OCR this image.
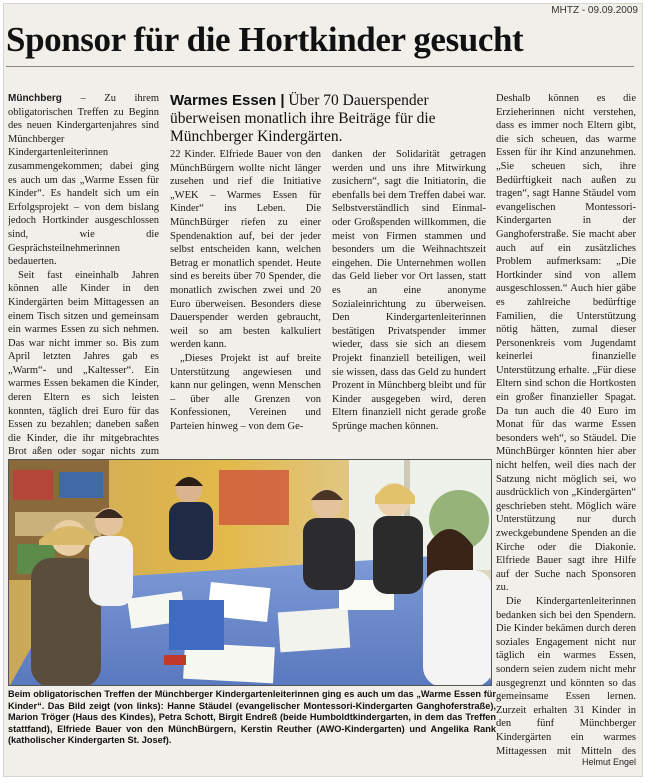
MHTZ - 09.09.2009
Sponsor für die Hortkinder gesucht

Münchberg – Zu ihrem obligatorischen Treffen zu Beginn des neuen Kindergartenjahres sind Münchberger Kindergartenleiterinnen zusammengekommen; dabei ging es auch um das „Warme Essen für Kinder“. Es handelt sich um ein Erfolgsprojekt – von dem bislang jedoch Hortkinder ausgeschlossen sind, wie die Gesprächsteilnehmerinnen bedauerten.

Seit fast eineinhalb Jahren können alle Kinder in den Kindergärten beim Mittagessen an einem Tisch sitzen und gemeinsam ein warmes Essen zu sich nehmen. Das war nicht immer so. Bis zum April letzten Jahres gab es „Warm“- und „Kaltesser“. Ein warmes Essen bekamen die Kinder, deren Eltern es sich leisten konnten, täglich drei Euro für das Essen zu bezahlen; daneben saßen die Kinder, die ihr mitgebrachtes Brot aßen oder sogar nichts zum

Warmes Essen | Über 70 Dauerspender überweisen monatlich ihre Beiträge für die Münchberger Kindergärten.

22 Kinder. Elfriede Bauer von den MünchBürgern wollte nicht länger zusehen und rief die Initiative „WEK – Warmes Essen für Kinder“ ins Leben. Die MünchBürger riefen zu einer Spendenaktion auf, bei der jeder selbst entscheiden kann, welchen Betrag er monatlich spendet. Heute sind es bereits über 70 Spender, die monatlich zwischen zwei und 20 Euro überweisen. Besonders diese Dauerspender werden gebraucht, weil so am besten kalkuliert werden kann.

„Dieses Projekt ist auf breite Unterstützung angewiesen und kann nur gelingen, wenn Menschen – über alle Grenzen von Konfessionen, Vereinen und Parteien hinweg – von dem Ge-

danken der Solidarität getragen werden und uns ihre Mitwirkung zusichern“, sagt die Initiatorin, die ebenfalls bei dem Treffen dabei war. Selbstverständlich sind Einmal- oder Großspenden willkommen, die meist von Firmen stammen und besonders um die Weihnachtszeit eingehen. Die Unternehmen wollen das Geld lieber vor Ort lassen, statt es an eine anonyme Sozialeinrichtung zu überweisen. Den Kindergartenleiterinnen bestätigen Privatspender immer wieder, dass sie sich an diesem Projekt finanziell beteiligen, weil sie wissen, dass das Geld zu hundert Prozent in Münchberg bleibt und für Kinder ausgegeben wird, deren Eltern finanziell nicht gerade große Sprünge machen können.

Deshalb können es die Erzieherinnen nicht verstehen, dass es immer noch Eltern gibt, die sich scheuen, das warme Essen für ihr Kind anzunehmen. „Sie scheuen sich, ihre Bedürftigkeit nach außen zu tragen“, sagt Hanne Stäudel vom evangelischen Montessori-Kindergarten in der Ganghoferstraße. Sie macht aber auch auf ein zusätzliches Problem aufmerksam: „Die Hortkinder sind von allem ausgeschlossen.“ Auch hier gäbe es zahlreiche bedürftige Familien, die Unterstützung nötig hätten, zumal dieser Personenkreis vom Jugendamt keinerlei finanzielle Unterstützung erhalte. „Für diese Eltern sind schon die Hortkosten ein großer finanzieller Spagat. Da tun auch die 40 Euro im Monat für das warme Essen besonders weh“, so Stäudel. Die MünchBürger könnten hier aber nicht helfen, weil dies nach der Satzung nicht möglich sei, wo ausdrücklich von „Kindergärten“ geschrieben steht. Möglich wäre Unterstützung nur durch zweckgebundene Spenden an die Kirche oder die Diakonie. Elfriede Bauer sagt ihre Hilfe auf der Suche nach Sponsoren zu.

Die Kindergartenleiterinnen bedanken sich bei den Spendern. Die Kinder bekämen durch deren soziales Engagement nicht nur täglich ein warmes Essen, sondern seien zudem nicht mehr ausgegrenzt und könnten so das gemeinsame Essen lernen. Zurzeit erhalten 31 Kinder in den fünf Münchberger Kindergärten ein warmes Mittagessen mit Mitteln des

Helmut Engel
Beim obligatorischen Treffen der Münchberger Kindergartenleiterinnen ging es auch um das „Warme Essen für Kinder“. Das Bild zeigt (von links): Hanne Stäudel (evangelischer Montessori-Kindergarten Ganghoferstraße), Marion Tröger (Haus des Kindes), Petra Schott, Birgit Endreß (beide Humboldtkindergarten, in dem das Treffen stattfand), Elfriede Bauer von den MünchBürgern, Kerstin Reuther (AWO-Kindergarten) und Angelika Rank (katholischer Kindergarten St. Josef).
